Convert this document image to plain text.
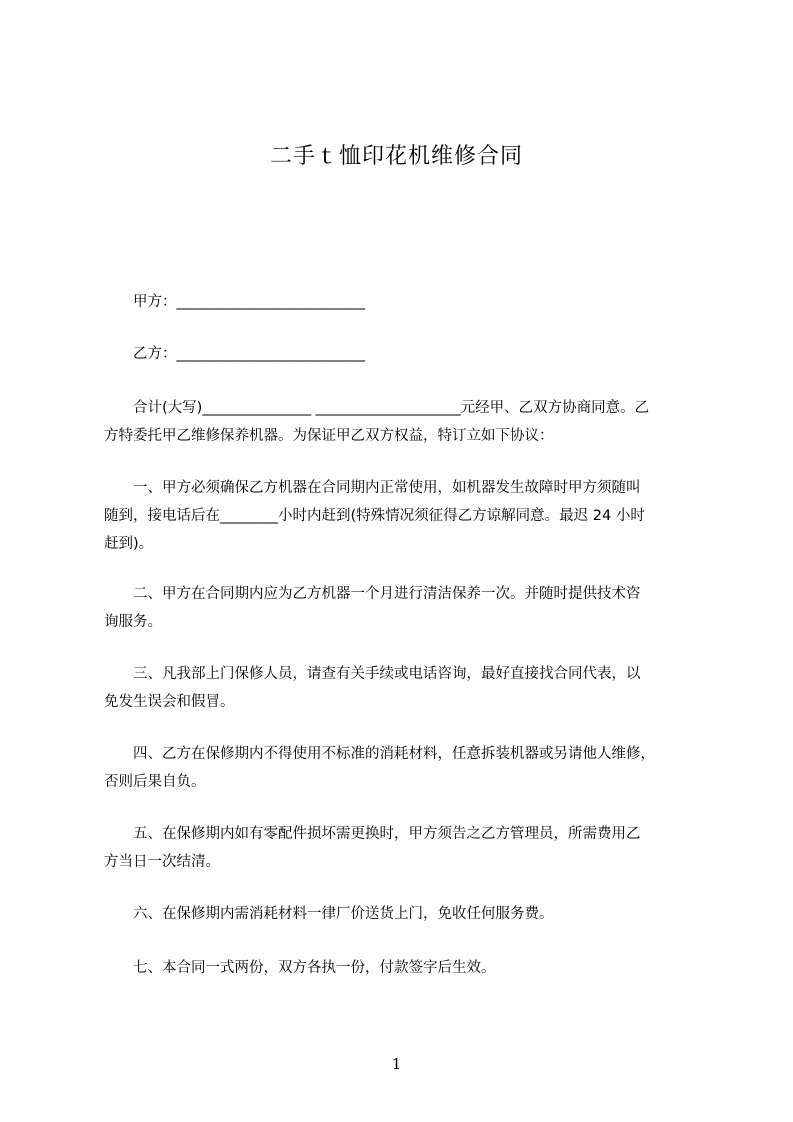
二手ｔ恤印花机维修合同
　　甲方：__________________________
　　乙方：__________________________
　　合计(大写)_______________ ____________________元经甲、乙双方协商同意。乙
方特委托甲乙维修保养机器。为保证甲乙双方权益，特订立如下协议：
　　一、甲方必须确保乙方机器在合同期内正常使用，如机器发生故障时甲方须随叫
随到，接电话后在________小时内赶到(特殊情况须征得乙方谅解同意。最迟 24 小时
赶到)。
　　二、甲方在合同期内应为乙方机器一个月进行清洁保养一次。并随时提供技术咨
询服务。
　　三、凡我部上门保修人员，请查有关手续或电话咨询，最好直接找合同代表，以
免发生误会和假冒。
　　四、乙方在保修期内不得使用不标准的消耗材料，任意拆装机器或另请他人维修，
否则后果自负。
　　五、在保修期内如有零配件损坏需更换时，甲方须告之乙方管理员，所需费用乙
方当日一次结清。
　　六、在保修期内需消耗材料一律厂价送货上门，免收任何服务费。
　　七、本合同一式两份，双方各执一份，付款签字后生效。
1
